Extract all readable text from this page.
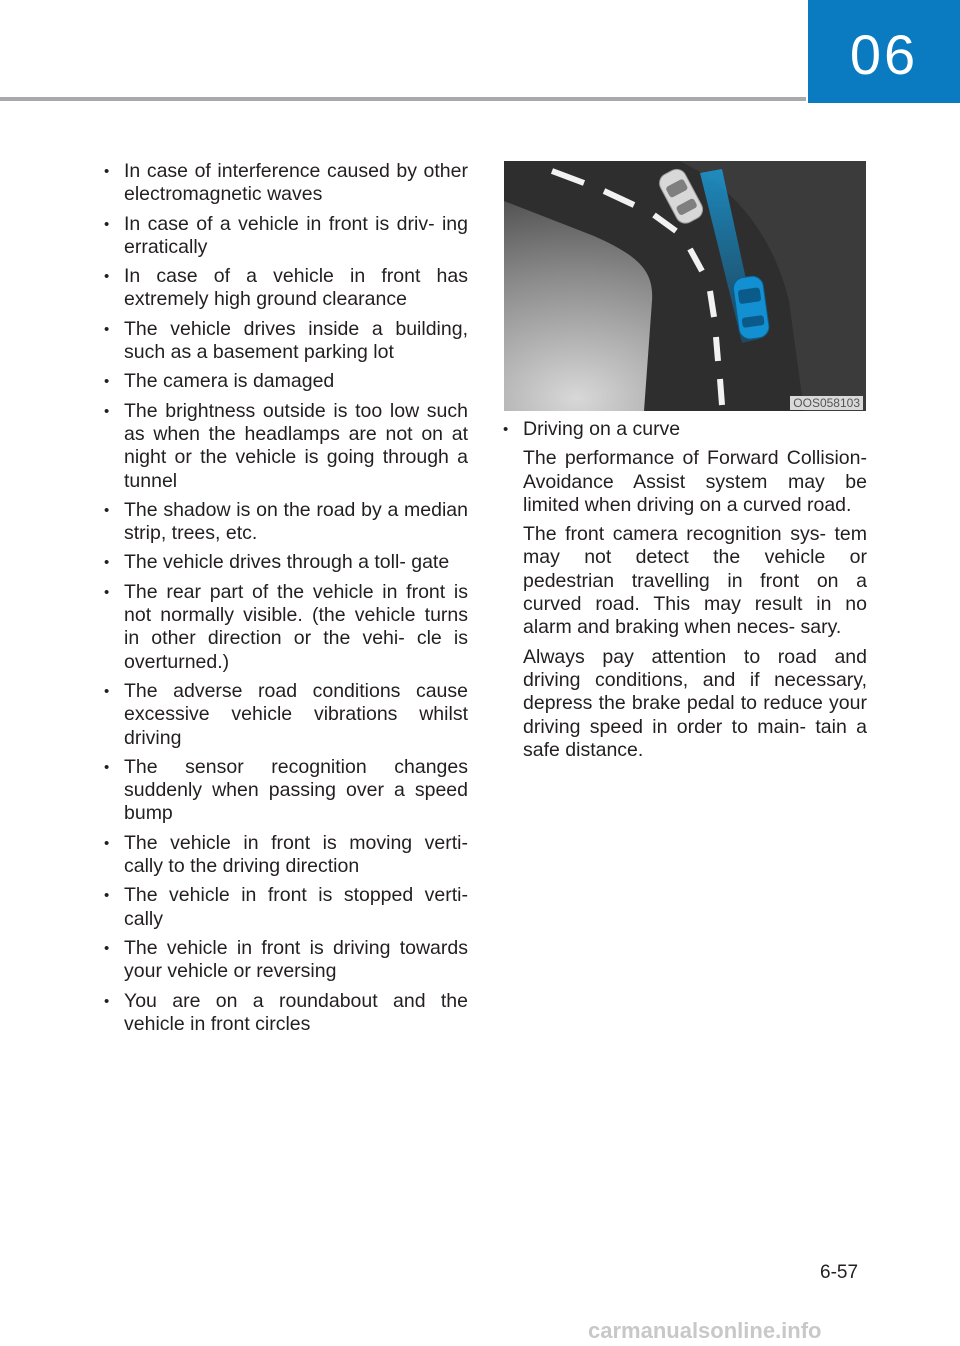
06
• In case of interference caused by other electromagnetic waves
• In case of a vehicle in front is driv- ing erratically
• In case of a vehicle in front has extremely high ground clearance
• The vehicle drives inside a building, such as a basement parking lot
• The camera is damaged
• The brightness outside is too low such as when the headlamps are not on at night or the vehicle is going through a tunnel
• The shadow is on the road by a median strip, trees, etc.
• The vehicle drives through a toll- gate
• The rear part of the vehicle in front is not normally visible. (the vehicle turns in other direction or the vehi- cle is overturned.)
• The adverse road conditions cause excessive vehicle vibrations whilst driving
• The sensor recognition changes suddenly when passing over a speed bump
• The vehicle in front is moving verti- cally to the driving direction
• The vehicle in front is stopped verti- cally
• The vehicle in front is driving towards your vehicle or reversing
• You are on a roundabout and the vehicle in front circles
OOS058103
• Driving on a curve

The performance of Forward Collision-Avoidance Assist system may be limited when driving on a curved road.

The front camera recognition sys- tem may not detect the vehicle or pedestrian travelling in front on a curved road. This may result in no alarm and braking when neces- sary.

Always pay attention to road and driving conditions, and if necessary, depress the brake pedal to reduce your driving speed in order to main- tain a safe distance.

6-57
carmanualsonline.info
